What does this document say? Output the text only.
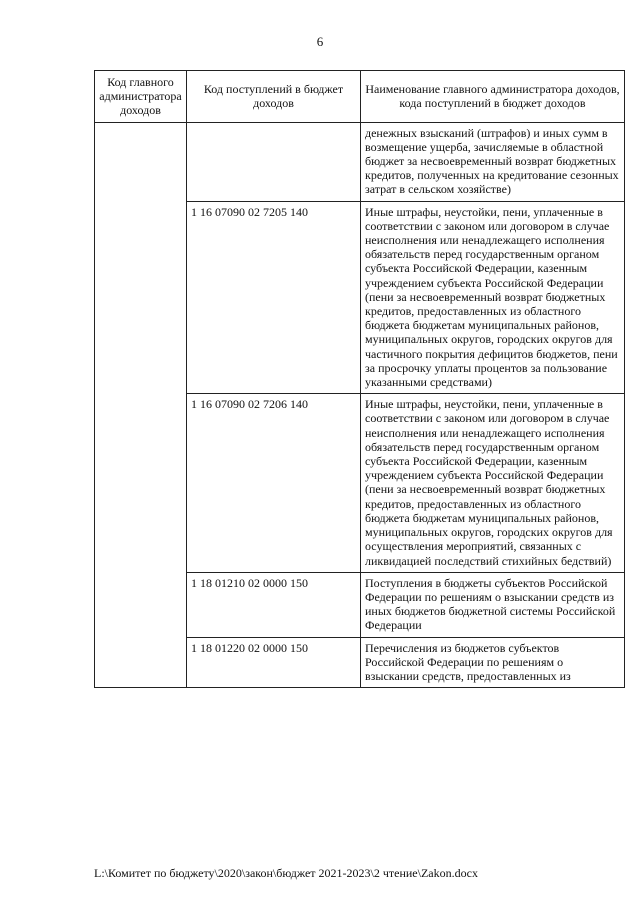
6
Код главного администратора доходов	Код поступлений в бюджет доходов	Наименование главного администратора доходов, кода поступлений в бюджет доходов
		денежных взысканий (штрафов) и иных сумм в возмещение ущерба, зачисляемые в областной бюджет за несвоевременный возврат бюджетных кредитов, полученных на кредитование сезонных затрат в сельском хозяйстве)
	1 16 07090 02 7205 140	Иные штрафы, неустойки, пени, уплаченные в соответствии с законом или договором в случае неисполнения или ненадлежащего исполнения обязательств перед государственным органом субъекта Российской Федерации, казенным учреждением субъекта Российской Федерации (пени за несвоевременный возврат бюджетных кредитов, предоставленных из областного бюджета бюджетам муниципальных районов, муниципальных округов, городских округов для частичного покрытия дефицитов бюджетов, пени за просрочку уплаты процентов за пользование указанными средствами)
	1 16 07090 02 7206 140	Иные штрафы, неустойки, пени, уплаченные в соответствии с законом или договором в случае неисполнения или ненадлежащего исполнения обязательств перед государственным органом субъекта Российской Федерации, казенным учреждением субъекта Российской Федерации (пени за несвоевременный возврат бюджетных кредитов, предоставленных из областного бюджета бюджетам муниципальных районов, муниципальных округов, городских округов для осуществления мероприятий, связанных с ликвидацией последствий стихийных бедствий)
	1 18 01210 02 0000 150	Поступления в бюджеты субъектов Российской Федерации по решениям о взыскании средств из иных бюджетов бюджетной системы Российской Федерации
	1 18 01220 02 0000 150	Перечисления из бюджетов субъектов Российской Федерации по решениям о взыскании средств, предоставленных из
L:\Комитет по бюджету\2020\закон\бюджет 2021-2023\2 чтение\Zakon.docx
